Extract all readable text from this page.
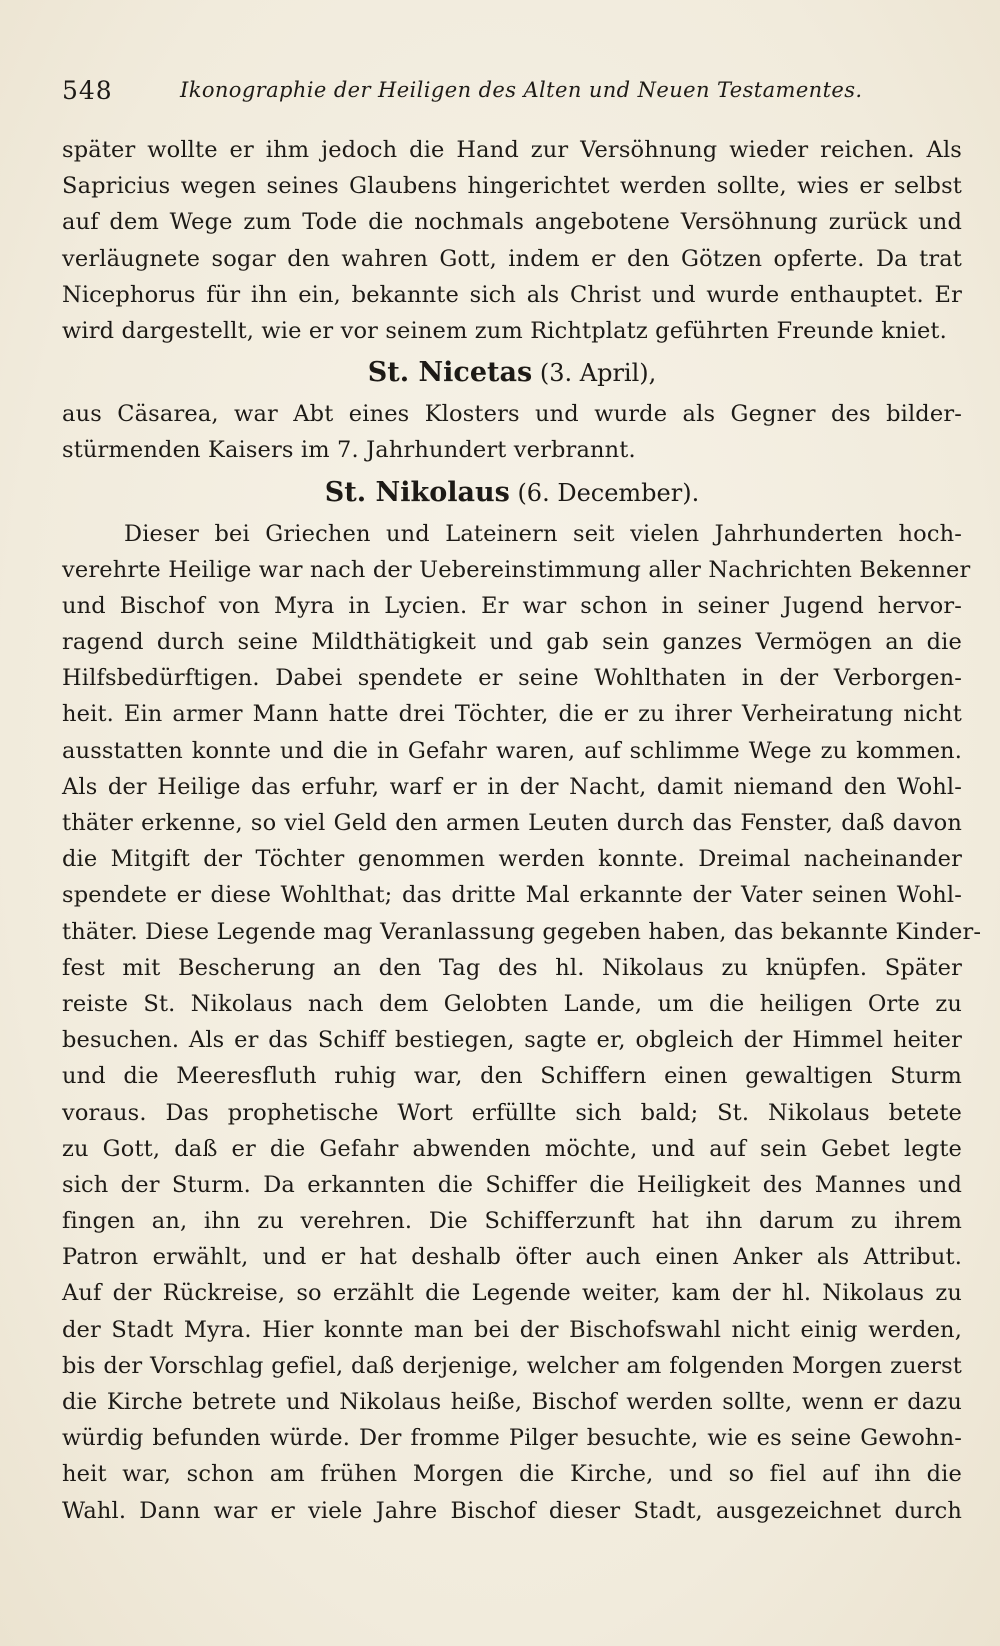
548	Ikonographie der Heiligen des Alten und Neuen Testamentes.
später wollte er ihm jedoch die Hand zur Versöhnung wieder reichen. Als
Sapricius wegen seines Glaubens hingerichtet werden sollte, wies er selbst
auf dem Wege zum Tode die nochmals angebotene Versöhnung zurück und
verläugnete sogar den wahren Gott, indem er den Götzen opferte. Da trat
Nicephorus für ihn ein, bekannte sich als Christ und wurde enthauptet. Er
wird dargestellt, wie er vor seinem zum Richtplatz geführten Freunde kniet.
St. Nicetas (3. April),
aus Cäsarea, war Abt eines Klosters und wurde als Gegner des bilder-
stürmenden Kaisers im 7. Jahrhundert verbrannt.
St. Nikolaus (6. December).
Dieser bei Griechen und Lateinern seit vielen Jahrhunderten hoch-
verehrte Heilige war nach der Uebereinstimmung aller Nachrichten Bekenner
und Bischof von Myra in Lycien. Er war schon in seiner Jugend hervor-
ragend durch seine Mildthätigkeit und gab sein ganzes Vermögen an die
Hilfsbedürftigen. Dabei spendete er seine Wohlthaten in der Verborgen-
heit. Ein armer Mann hatte drei Töchter, die er zu ihrer Verheiratung nicht
ausstatten konnte und die in Gefahr waren, auf schlimme Wege zu kommen.
Als der Heilige das erfuhr, warf er in der Nacht, damit niemand den Wohl-
thäter erkenne, so viel Geld den armen Leuten durch das Fenster, daß davon
die Mitgift der Töchter genommen werden konnte. Dreimal nacheinander
spendete er diese Wohlthat; das dritte Mal erkannte der Vater seinen Wohl-
thäter. Diese Legende mag Veranlassung gegeben haben, das bekannte Kinder-
fest mit Bescherung an den Tag des hl. Nikolaus zu knüpfen. Später
reiste St. Nikolaus nach dem Gelobten Lande, um die heiligen Orte zu
besuchen. Als er das Schiff bestiegen, sagte er, obgleich der Himmel heiter
und die Meeresfluth ruhig war, den Schiffern einen gewaltigen Sturm
voraus. Das prophetische Wort erfüllte sich bald; St. Nikolaus betete
zu Gott, daß er die Gefahr abwenden möchte, und auf sein Gebet legte
sich der Sturm. Da erkannten die Schiffer die Heiligkeit des Mannes und
fingen an, ihn zu verehren. Die Schifferzunft hat ihn darum zu ihrem
Patron erwählt, und er hat deshalb öfter auch einen Anker als Attribut.
Auf der Rückreise, so erzählt die Legende weiter, kam der hl. Nikolaus zu
der Stadt Myra. Hier konnte man bei der Bischofswahl nicht einig werden,
bis der Vorschlag gefiel, daß derjenige, welcher am folgenden Morgen zuerst
die Kirche betrete und Nikolaus heiße, Bischof werden sollte, wenn er dazu
würdig befunden würde. Der fromme Pilger besuchte, wie es seine Gewohn-
heit war, schon am frühen Morgen die Kirche, und so fiel auf ihn die
Wahl. Dann war er viele Jahre Bischof dieser Stadt, ausgezeichnet durch
